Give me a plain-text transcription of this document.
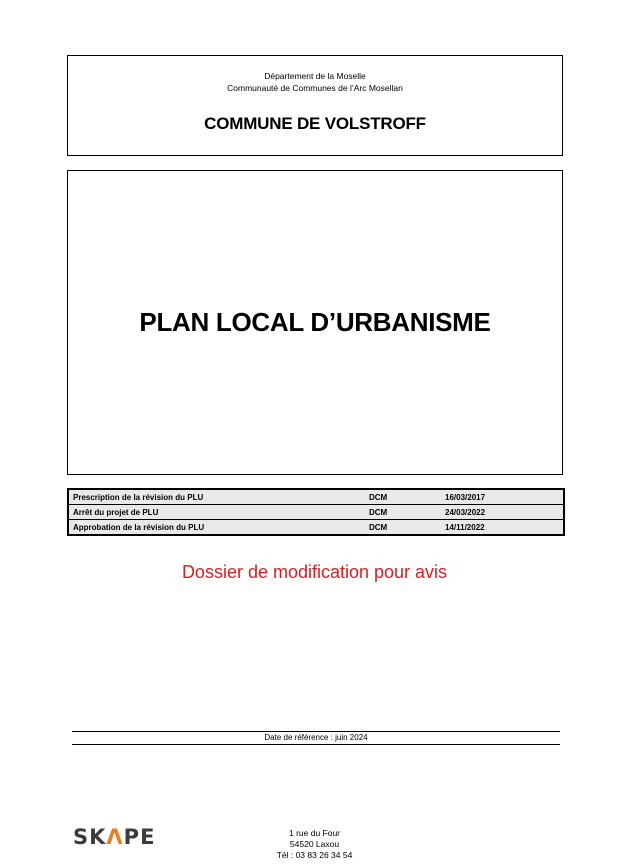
Département de la Moselle
Communauté de Communes de l’Arc Mosellan
COMMUNE DE VOLSTROFF
PLAN LOCAL D’URBANISME
Prescription de la révision du PLU	DCM	16/03/2017
Arrêt du projet de PLU	DCM	24/03/2022
Approbation de la révision du PLU	DCM	14/11/2022
Dossier de modification pour avis
Date de référence : juin 2024
SKΛPE
	1 rue du Four
54520 Laxou
Tél : 03 83 26 34 54
